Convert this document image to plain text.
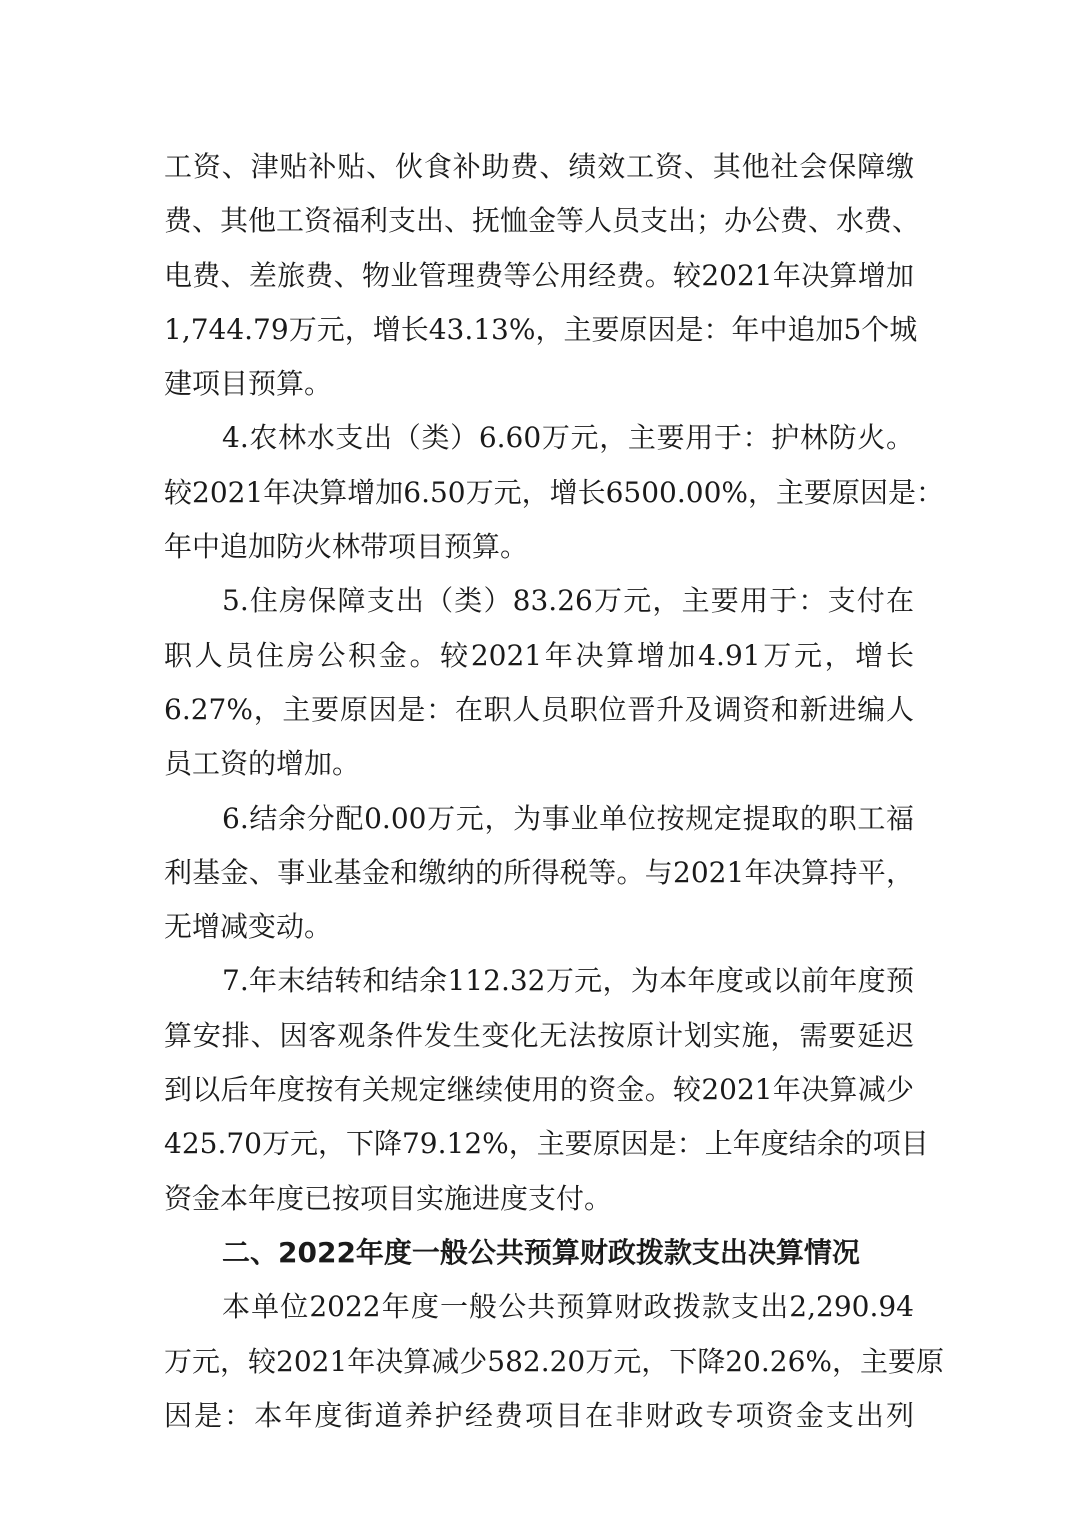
工资、津贴补贴、伙食补助费、绩效工资、其他社会保障缴
费、其他工资福利支出、抚恤金等人员支出；办公费、水费、
电费、差旅费、物业管理费等公用经费。较2021年决算增加
1,744.79万元，增长43.13%，主要原因是：年中追加5个城
建项目预算。
4.农林水支出（类）6.60万元，主要用于：护林防火。
较2021年决算增加6.50万元，增长6500.00%，主要原因是：
年中追加防火林带项目预算。
5.住房保障支出（类）83.26万元，主要用于：支付在
职人员住房公积金。较2021年决算增加4.91万元，增长
6.27%，主要原因是：在职人员职位晋升及调资和新进编人
员工资的增加。
6.结余分配0.00万元，为事业单位按规定提取的职工福
利基金、事业基金和缴纳的所得税等。与2021年决算持平，
无增减变动。
7.年末结转和结余112.32万元，为本年度或以前年度预
算安排、因客观条件发生变化无法按原计划实施，需要延迟
到以后年度按有关规定继续使用的资金。较2021年决算减少
425.70万元，下降79.12%，主要原因是：上年度结余的项目
资金本年度已按项目实施进度支付。
二、2022年度一般公共预算财政拨款支出决算情况
本单位2022年度一般公共预算财政拨款支出2,290.94
万元，较2021年决算减少582.20万元，下降20.26%，主要原
因是：本年度街道养护经费项目在非财政专项资金支出列
